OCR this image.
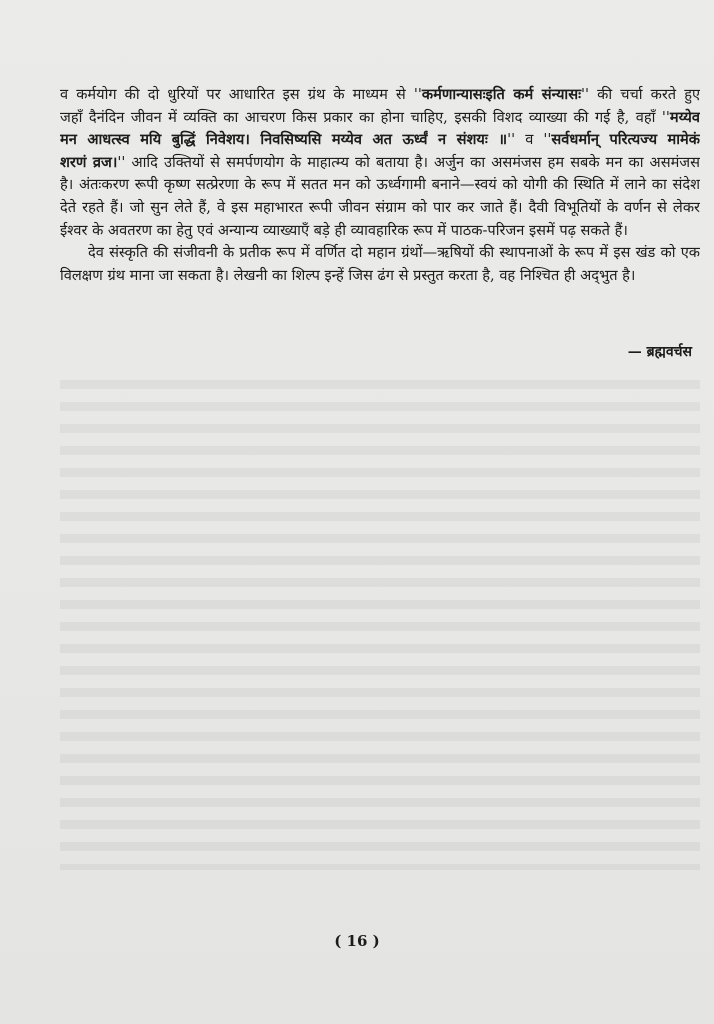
व कर्मयोग की दो धुरियों पर आधारित इस ग्रंथ के माध्यम से ''कर्मणान्यासःइति कर्म संन्यासः'' की चर्चा करते हुए
जहाँ दैनंदिन जीवन में व्यक्ति का आचरण किस प्रकार का होना चाहिए, इसकी विशद व्याख्या की गई है, वहाँ ''मय्येव
मन आधत्स्व मयि बुद्धिं निवेशय। निवसिष्यसि मय्येव अत ऊर्ध्वं न संशयः ॥'' व ''सर्वधर्मान् परित्यज्य मामेकं
शरणं व्रज।'' आदि उक्तियों से समर्पणयोग के माहात्म्य को बताया है। अर्जुन का असमंजस हम सबके मन का असमंजस
है। अंतःकरण रूपी कृष्ण सत्प्रेरणा के रूप में सतत मन को ऊर्ध्वगामी बनाने—स्वयं को योगी की स्थिति में लाने का संदेश
देते रहते हैं। जो सुन लेते हैं, वे इस महाभारत रूपी जीवन संग्राम को पार कर जाते हैं। दैवी विभूतियों के वर्णन से लेकर
ईश्वर के अवतरण का हेतु एवं अन्यान्य व्याख्याएँ बड़े ही व्यावहारिक रूप में पाठक-परिजन इसमें पढ़ सकते हैं।
देव संस्कृति की संजीवनी के प्रतीक रूप में वर्णित दो महान ग्रंथों—ऋषियों की स्थापनाओं के रूप में इस खंड को एक
विलक्षण ग्रंथ माना जा सकता है। लेखनी का शिल्प इन्हें जिस ढंग से प्रस्तुत करता है, वह निश्चित ही अद्‌भुत है।
— ब्रह्मवर्चस
( 16 )
